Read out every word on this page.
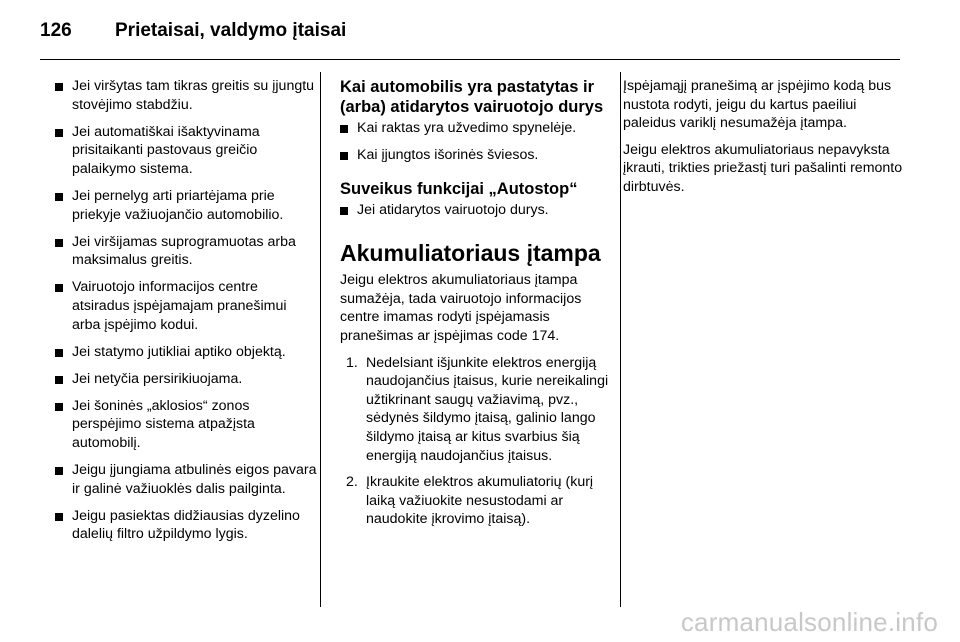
126 Prietaisai, valdymo įtaisai
Jei viršytas tam tikras greitis su įjungtu stovėjimo stabdžiu.
Jei automatiškai išaktyvinama prisitaikanti pastovaus greičio palaikymo sistema.
Jei pernelyg arti priartėjama prie priekyje važiuojančio automobilio.
Jei viršijamas suprogramuotas arba maksimalus greitis.
Vairuotojo informacijos centre atsiradus įspėjamajam pranešimui arba įspėjimo kodui.
Jei statymo jutikliai aptiko objektą.
Jei netyčia persirikiuojama.
Jei šoninės „aklosios“ zonos perspėjimo sistema atpažįsta automobilį.
Jeigu įjungiama atbulinės eigos pavara ir galinė važiuoklės dalis pailginta.
Jeigu pasiektas didžiausias dyzelino dalelių filtro užpildymo lygis.
Kai automobilis yra pastatytas ir (arba) atidarytos vairuotojo durys
Kai raktas yra užvedimo spynelėje.
Kai įjungtos išorinės šviesos.
Suveikus funkcijai „Autostop“
Jei atidarytos vairuotojo durys.
Akumuliatoriaus įtampa

Jeigu elektros akumuliatoriaus įtampa sumažėja, tada vairuotojo informacijos centre imamas rodyti įspėjamasis pranešimas ar įspėjimas code 174.

1. Nedelsiant išjunkite elektros energiją naudojančius įtaisus, kurie nereikalingi užtikrinant saugų važiavimą, pvz., sėdynės šildymo įtaisą, galinio lango šildymo įtaisą ar kitus svarbius šią energiją naudojančius įtaisus.
2. Įkraukite elektros akumuliatorių (kurį laiką važiuokite nesustodami ar naudokite įkrovimo įtaisą).

Įspėjamąjį pranešimą ar įspėjimo kodą bus nustota rodyti, jeigu du kartus paeiliui paleidus variklį nesumažėja įtampa.

Jeigu elektros akumuliatoriaus nepavyksta įkrauti, trikties priežastį turi pašalinti remonto dirbtuvės.

carmanualsonline.info
